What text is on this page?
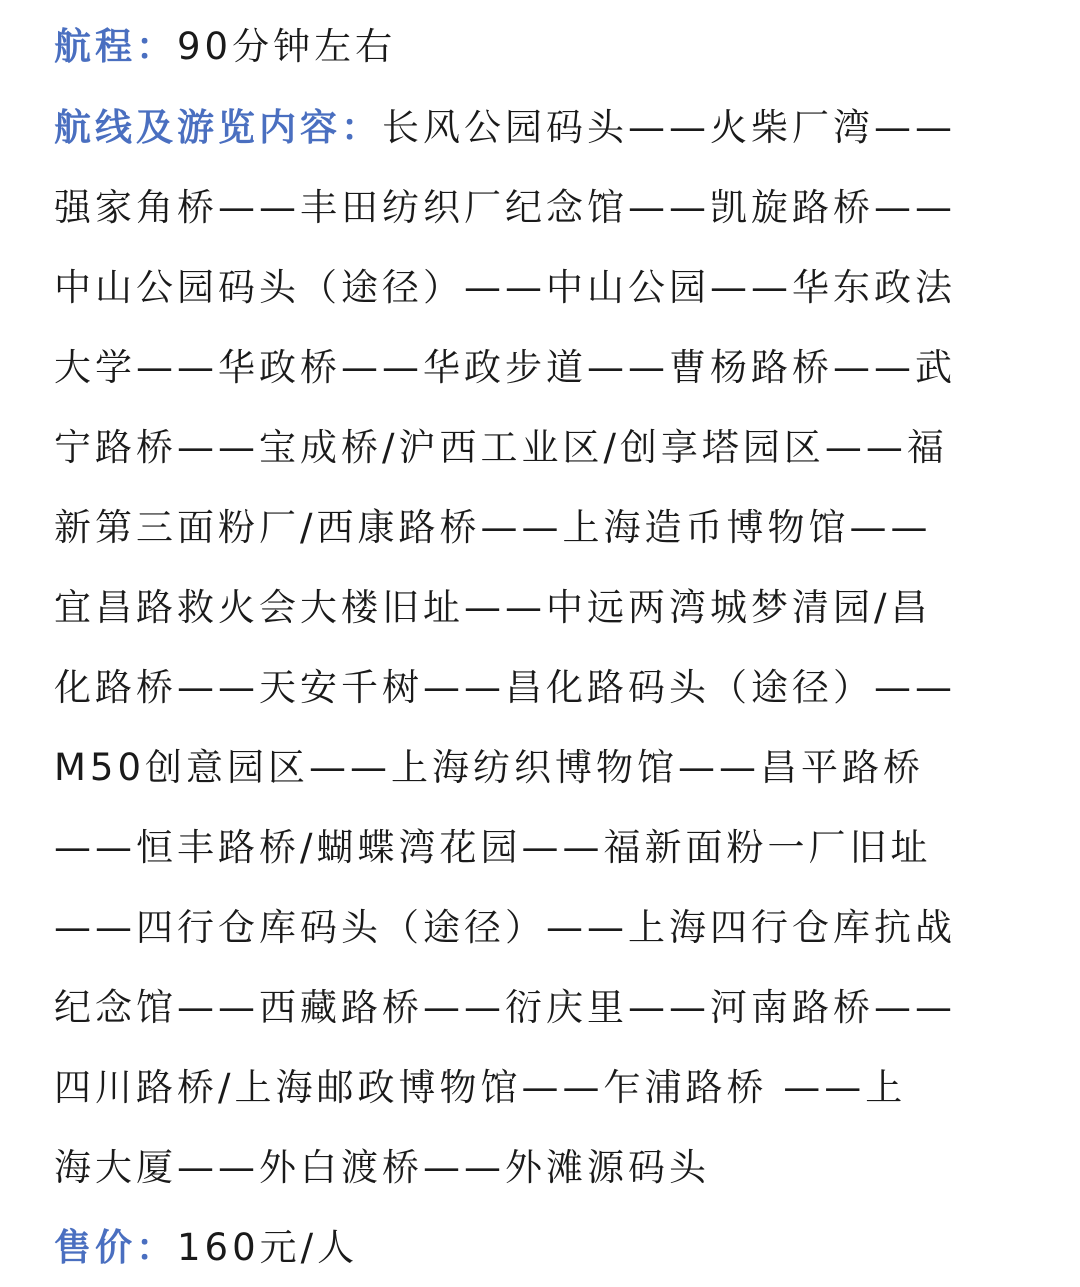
航程：90分钟左右
航线及游览内容：长风公园码头——火柴厂湾——
强家角桥——丰田纺织厂纪念馆——凯旋路桥——
中山公园码头（途径）——中山公园——华东政法
大学——华政桥——华政步道——曹杨路桥——武
宁路桥——宝成桥/沪西工业区/创享塔园区——福
新第三面粉厂/西康路桥——上海造币博物馆——
宜昌路救火会大楼旧址——中远两湾城梦清园/昌
化路桥——天安千树——昌化路码头（途径）——
M50创意园区——上海纺织博物馆——昌平路桥
——恒丰路桥/蝴蝶湾花园——福新面粉一厂旧址
——四行仓库码头（途径）——上海四行仓库抗战
纪念馆——西藏路桥——衍庆里——河南路桥——
四川路桥/上海邮政博物馆——乍浦路桥 ——上
海大厦——外白渡桥——外滩源码头
售价：160元/人
